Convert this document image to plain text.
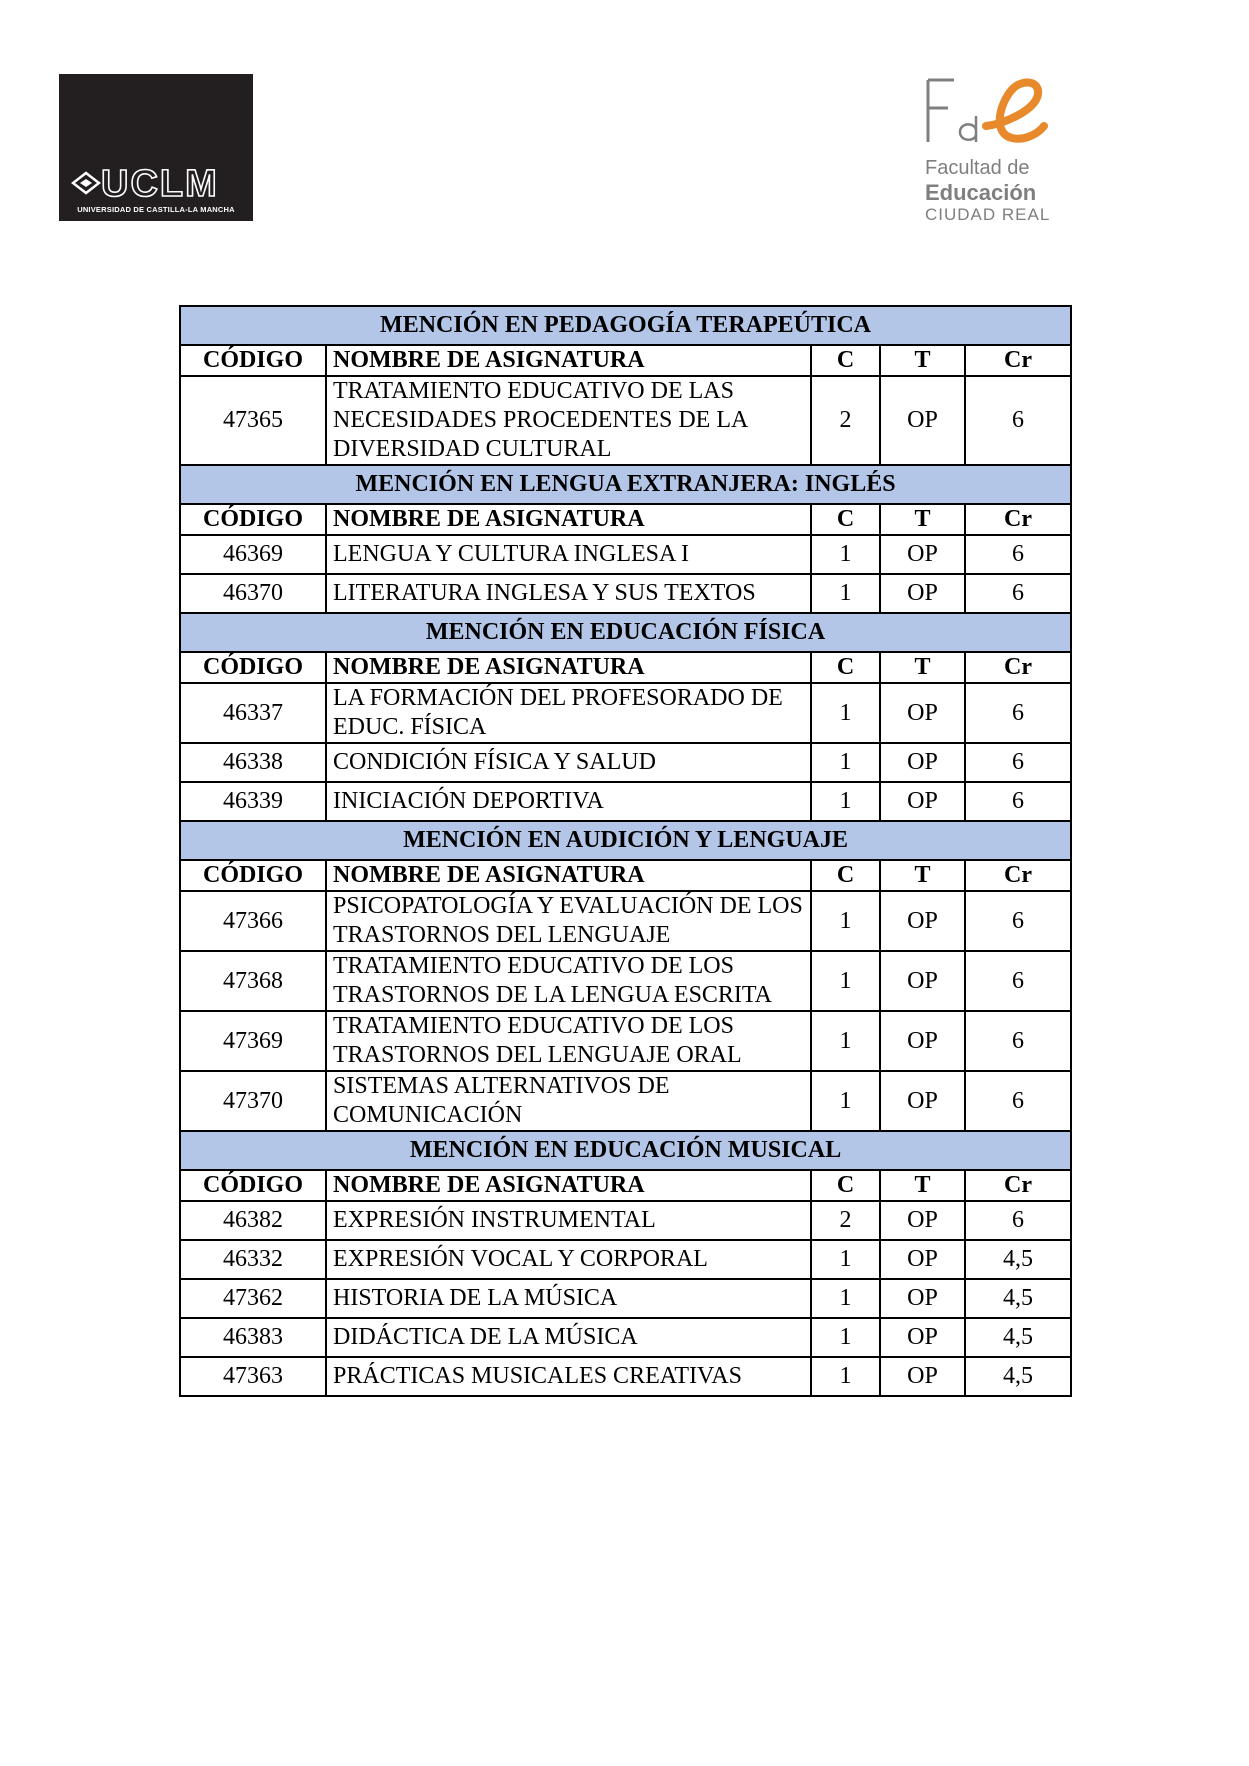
UCLM
UNIVERSIDAD DE CASTILLA-LA MANCHA
Facultad de
Educación
CIUDAD REAL
MENCIÓN EN PEDAGOGÍA TERAPEÚTICA				
CÓDIGO	NOMBRE DE ASIGNATURA	C	T	Cr
47365	TRATAMIENTO EDUCATIVO DE LAS NECESIDADES PROCEDENTES DE LA DIVERSIDAD CULTURAL	2	OP	6
MENCIÓN EN LENGUA EXTRANJERA: INGLÉS				
CÓDIGO	NOMBRE DE ASIGNATURA	C	T	Cr
46369	LENGUA Y CULTURA INGLESA I	1	OP	6
46370	LITERATURA INGLESA Y SUS TEXTOS	1	OP	6
MENCIÓN EN EDUCACIÓN FÍSICA				
CÓDIGO	NOMBRE DE ASIGNATURA	C	T	Cr
46337	LA FORMACIÓN DEL PROFESORADO DE EDUC. FÍSICA	1	OP	6
46338	CONDICIÓN FÍSICA Y SALUD	1	OP	6
46339	INICIACIÓN DEPORTIVA	1	OP	6
MENCIÓN EN AUDICIÓN Y LENGUAJE				
CÓDIGO	NOMBRE DE ASIGNATURA	C	T	Cr
47366	PSICOPATOLOGÍA Y EVALUACIÓN DE LOS TRASTORNOS DEL LENGUAJE	1	OP	6
47368	TRATAMIENTO EDUCATIVO DE LOS TRASTORNOS DE LA LENGUA ESCRITA	1	OP	6
47369	TRATAMIENTO EDUCATIVO DE LOS TRASTORNOS DEL LENGUAJE ORAL	1	OP	6
47370	SISTEMAS ALTERNATIVOS DE COMUNICACIÓN	1	OP	6
MENCIÓN EN EDUCACIÓN MUSICAL				
CÓDIGO	NOMBRE DE ASIGNATURA	C	T	Cr
46382	EXPRESIÓN INSTRUMENTAL	2	OP	6
46332	EXPRESIÓN VOCAL Y CORPORAL	1	OP	4,5
47362	HISTORIA DE LA MÚSICA	1	OP	4,5
46383	DIDÁCTICA DE LA MÚSICA	1	OP	4,5
47363	PRÁCTICAS MUSICALES CREATIVAS	1	OP	4,5
